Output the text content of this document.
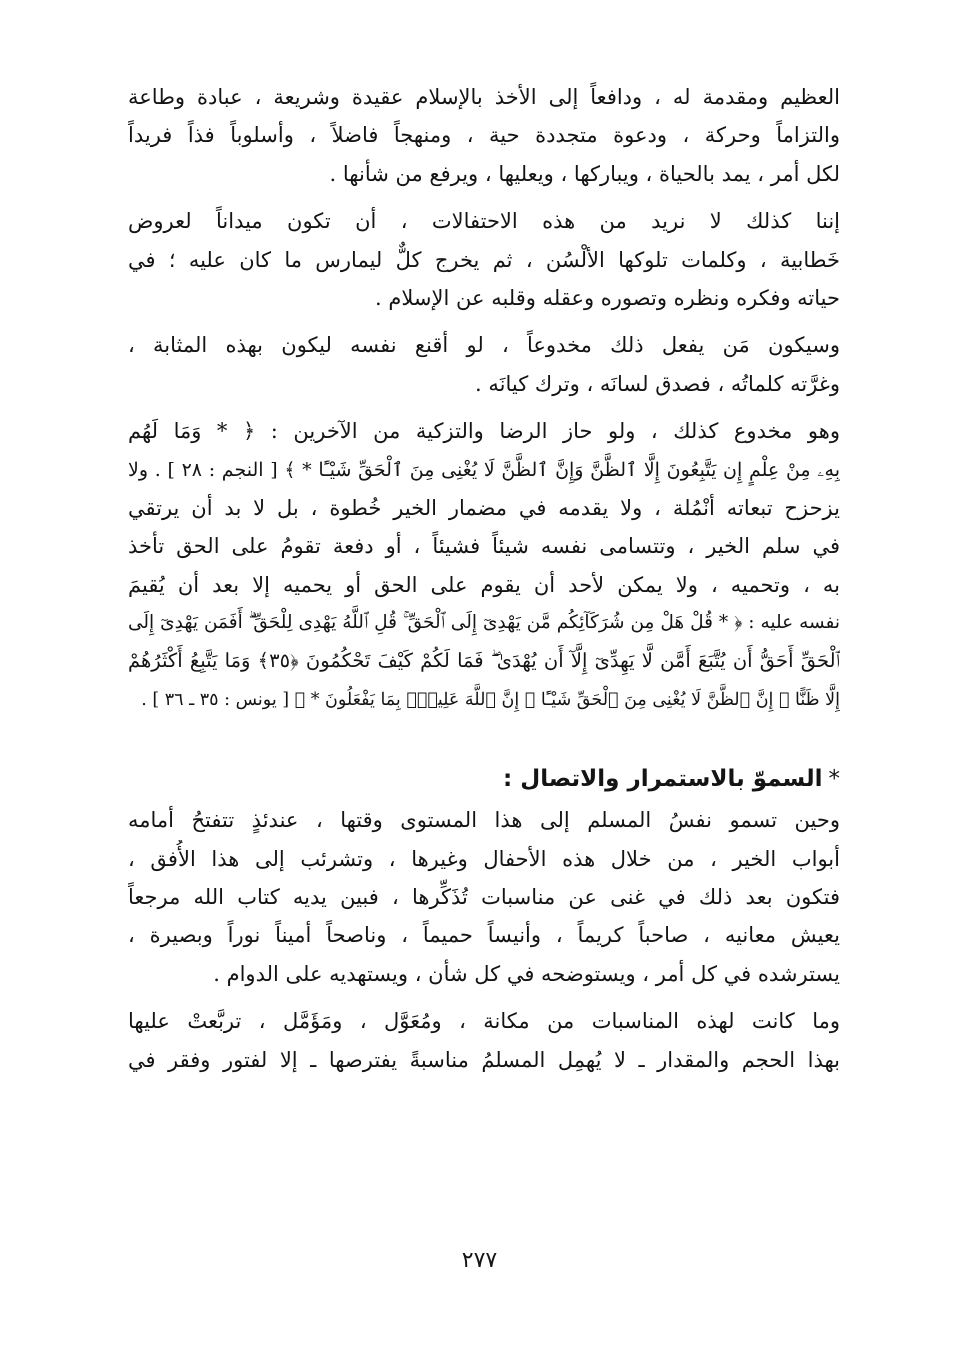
العظيم ومقدمة له ، ودافعاً إلى الأخذ بالإسلام عقيدة وشريعة ، عبادة وطاعة
والتزاماً وحركة ، ودعوة متجددة حية ، ومنهجاً فاضلاً ، وأسلوباً فذاً فريداً
لكل أمر ، يمد بالحياة ، ويباركها ، ويعليها ، ويرفع من شأنها .
إننا كذلك لا نريد من هذه الاحتفالات ، أن تكون ميداناً لعروض
خَطابية ، وكلمات تلوكها الألْسُن ، ثم يخرج كلٌّ ليمارس ما كان عليه ؛ في
حياته وفكره ونظره وتصوره وعقله وقلبه عن الإسلام .
وسيكون مَن يفعل ذلك مخدوعاً ، لو أقنع نفسه ليكون بهذه المثابة ،
وغرَّته كلماتُه ، فصدق لسانَه ، وترك كيانَه .
وهو مخدوع كذلك ، ولو حاز الرضا والتزكية من الآخرين : ﴿ * وَمَا لَهُم
بِهِۦ مِنْ عِلْمٍ إِن يَتَّبِعُونَ إِلَّا ٱلظَّنَّ وَإِنَّ ٱلظَّنَّ لَا يُغْنِى مِنَ ٱلْحَقِّ شَيْـًٔا * ﴾ [ النجم : ٢٨ ] . ولا
يزحزح تبعاته أنْمُلة ، ولا يقدمه في مضمار الخير خُطوة ، بل لا بد أن يرتقي
في سلم الخير ، وتتسامى نفسه شيئاً فشيئاً ، أو دفعة تقومُ على الحق تأخذ
به ، وتحميه ، ولا يمكن لأحد أن يقوم على الحق أو يحميه إلا بعد أن يُقيمَ
نفسه عليه : ﴿ * قُلْ هَلْ مِن شُرَكَآئِكُم مَّن يَهْدِىٓ إِلَى ٱلْحَقِّ ۚ قُلِ ٱللَّهُ يَهْدِى لِلْحَقِّ ۗ أَفَمَن يَهْدِىٓ إِلَى
ٱلْحَقِّ أَحَقُّ أَن يُتَّبَعَ أَمَّن لَّا يَهِدِّىٓ إِلَّآ أَن يُهْدَىٰ ۖ فَمَا لَكُمْ كَيْفَ تَحْكُمُونَ ﴿٣٥﴾ وَمَا يَتَّبِعُ أَكْثَرُهُمْ
إِلَّا ظَنًّا ۚ إِنَّ ٱلظَّنَّ لَا يُغْنِى مِنَ ٱلْحَقِّ شَيْـًٔا ۚ إِنَّ ٱللَّهَ عَلِيمٌۢ بِمَا يَفْعَلُونَ * ﴾ [ يونس : ٣٥ ـ ٣٦ ] .
*السموّ بالاستمرار والاتصال :
وحين تسمو نفسُ المسلم إلى هذا المستوى وقتها ، عندئذٍ تتفتحُ أمامه
أبواب الخير ، من خلال هذه الأحفال وغيرها ، وتشرئب إلى هذا الأُفق ،
فتكون بعد ذلك في غنى عن مناسبات تُذَكِّرها ، فبين يديه كتاب الله مرجعاً
يعيش معانيه ، صاحباً كريماً ، وأنيساً حميماً ، وناصحاً أميناً نوراً وبصيرة ،
يسترشده في كل أمر ، ويستوضحه في كل شأن ، ويستهديه على الدوام .
وما كانت لهذه المناسبات من مكانة ، ومُعَوَّل ، ومَؤَمَّل ، تربَّعتْ عليها
بهذا الحجم والمقدار ـ لا يُهمِل المسلمُ مناسبةً يفترصها ـ إلا لفتور وفقر في
٢٧٧
